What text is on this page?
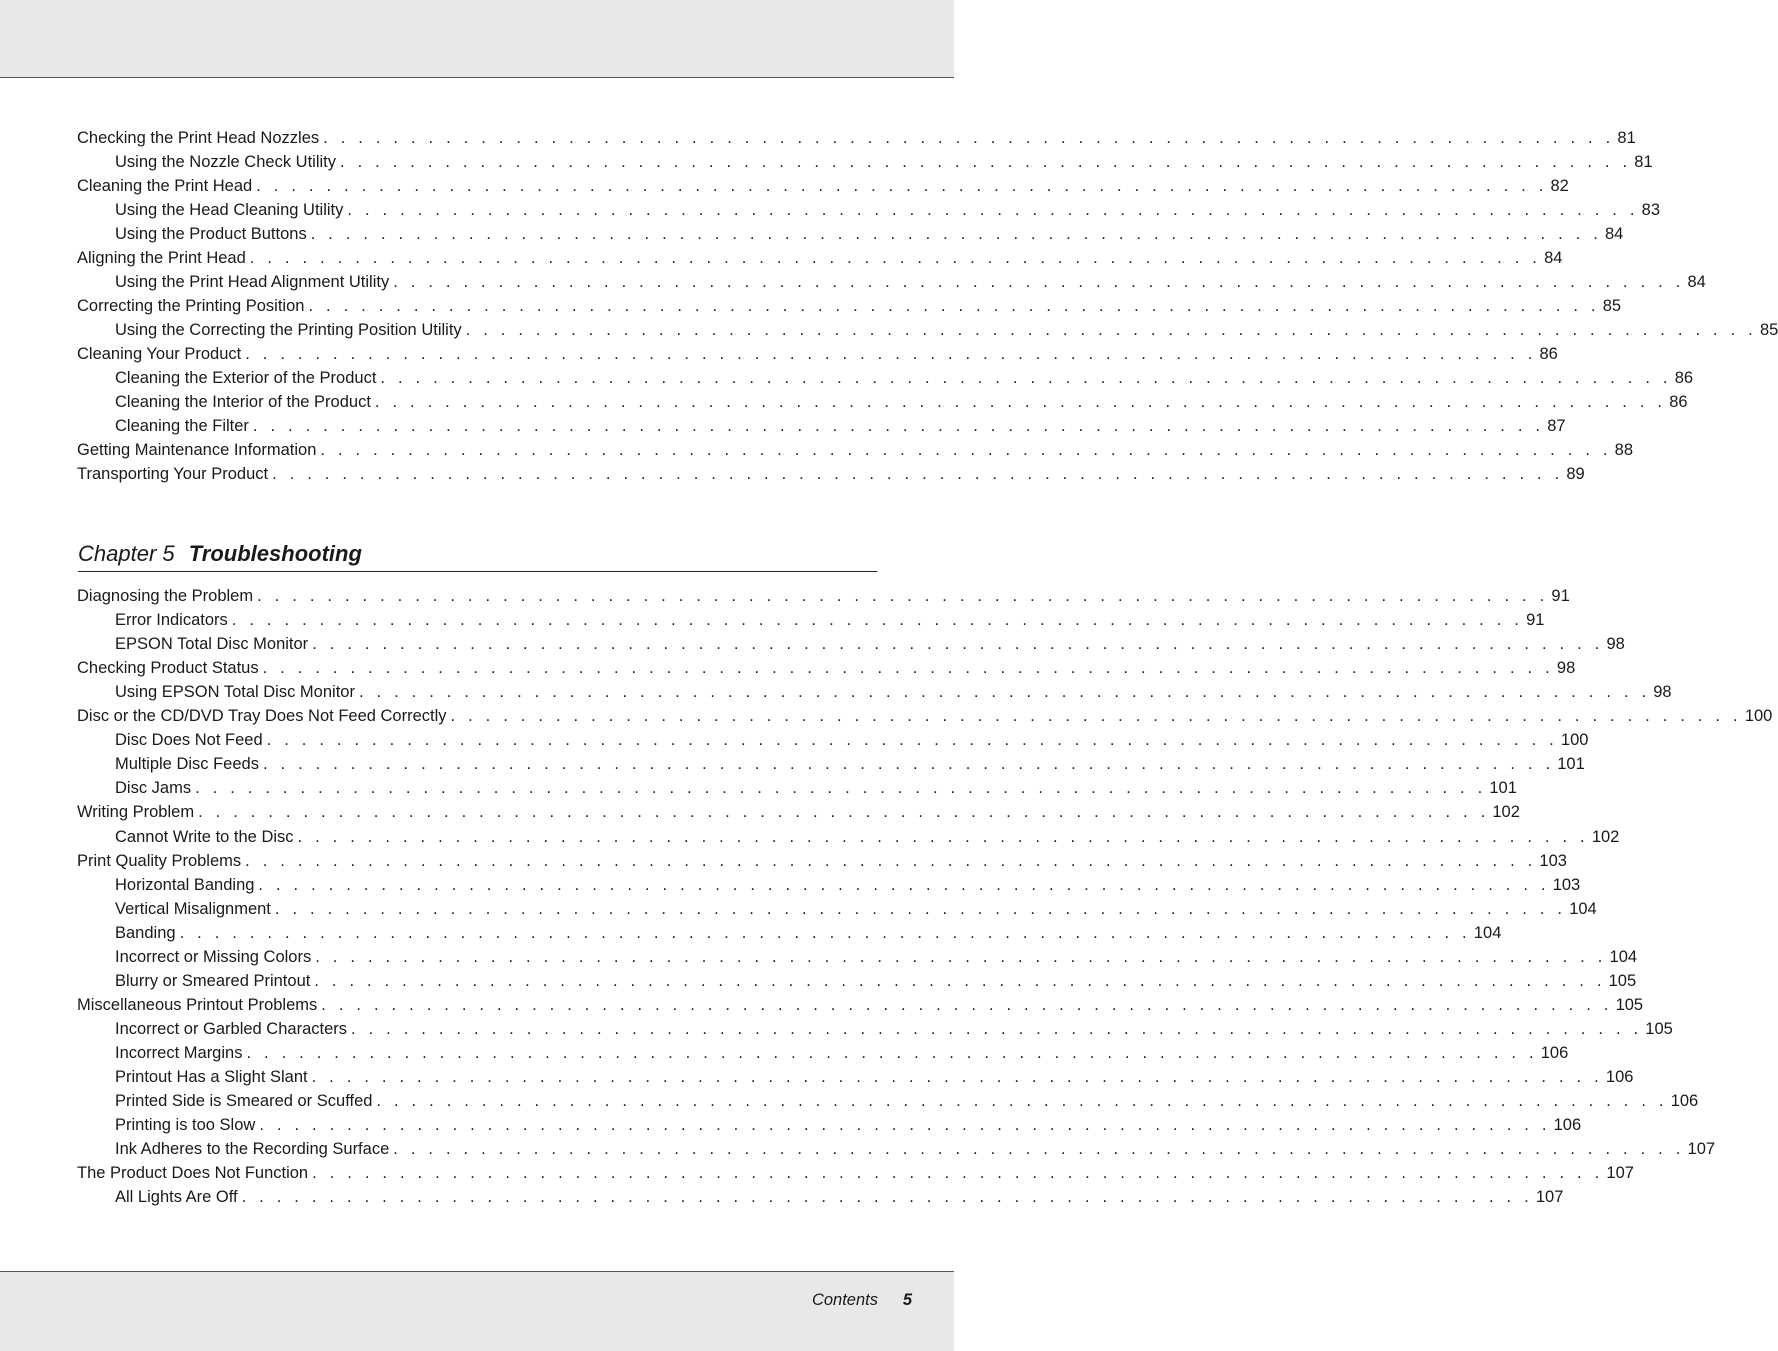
Checking the Print Head Nozzles . . . . . . . . . . . . . . . . . . . . . . . . . . . . . . . . . . . . . . . . . . . . . . . . . . . . . . . . . . . . . . . . . . . . . . . . . . 81
Using the Nozzle Check Utility . . . . . . . . . . . . . . . . . . . . . . . . . . . . . . . . . . . . . . . . . . . . . . . . . . . . . . . . . . . . . . . . . . . . . . . . . . 81
Cleaning the Print Head . . . . . . . . . . . . . . . . . . . . . . . . . . . . . . . . . . . . . . . . . . . . . . . . . . . . . . . . . . . . . . . . . . . . . . . . . . 82
Using the Head Cleaning Utility . . . . . . . . . . . . . . . . . . . . . . . . . . . . . . . . . . . . . . . . . . . . . . . . . . . . . . . . . . . . . . . . . . . . . . . . . . 83
Using the Product Buttons . . . . . . . . . . . . . . . . . . . . . . . . . . . . . . . . . . . . . . . . . . . . . . . . . . . . . . . . . . . . . . . . . . . . . . . . . . 84
Aligning the Print Head . . . . . . . . . . . . . . . . . . . . . . . . . . . . . . . . . . . . . . . . . . . . . . . . . . . . . . . . . . . . . . . . . . . . . . . . . . 84
Using the Print Head Alignment Utility . . . . . . . . . . . . . . . . . . . . . . . . . . . . . . . . . . . . . . . . . . . . . . . . . . . . . . . . . . . . . . . . . . . . . . . . . . 84
Correcting the Printing Position . . . . . . . . . . . . . . . . . . . . . . . . . . . . . . . . . . . . . . . . . . . . . . . . . . . . . . . . . . . . . . . . . . . . . . . . . . 85
Using the Correcting the Printing Position Utility . . . . . . . . . . . . . . . . . . . . . . . . . . . . . . . . . . . . . . . . . . . . . . . . . . . . . . . . . . . . . . . . . . . . . . . . . . 85
Cleaning Your Product . . . . . . . . . . . . . . . . . . . . . . . . . . . . . . . . . . . . . . . . . . . . . . . . . . . . . . . . . . . . . . . . . . . . . . . . . . 86
Cleaning the Exterior of the Product . . . . . . . . . . . . . . . . . . . . . . . . . . . . . . . . . . . . . . . . . . . . . . . . . . . . . . . . . . . . . . . . . . . . . . . . . . 86
Cleaning the Interior of the Product . . . . . . . . . . . . . . . . . . . . . . . . . . . . . . . . . . . . . . . . . . . . . . . . . . . . . . . . . . . . . . . . . . . . . . . . . . 86
Cleaning the Filter . . . . . . . . . . . . . . . . . . . . . . . . . . . . . . . . . . . . . . . . . . . . . . . . . . . . . . . . . . . . . . . . . . . . . . . . . . 87
Getting Maintenance Information . . . . . . . . . . . . . . . . . . . . . . . . . . . . . . . . . . . . . . . . . . . . . . . . . . . . . . . . . . . . . . . . . . . . . . . . . . 88
Transporting Your Product . . . . . . . . . . . . . . . . . . . . . . . . . . . . . . . . . . . . . . . . . . . . . . . . . . . . . . . . . . . . . . . . . . . . . . . . . . 89
Chapter 5 Troubleshooting
Diagnosing the Problem . . . . . . . . . . . . . . . . . . . . . . . . . . . . . . . . . . . . . . . . . . . . . . . . . . . . . . . . . . . . . . . . . . . . . . . . . . 91
Error Indicators . . . . . . . . . . . . . . . . . . . . . . . . . . . . . . . . . . . . . . . . . . . . . . . . . . . . . . . . . . . . . . . . . . . . . . . . . . 91
EPSON Total Disc Monitor . . . . . . . . . . . . . . . . . . . . . . . . . . . . . . . . . . . . . . . . . . . . . . . . . . . . . . . . . . . . . . . . . . . . . . . . . . 98
Checking Product Status . . . . . . . . . . . . . . . . . . . . . . . . . . . . . . . . . . . . . . . . . . . . . . . . . . . . . . . . . . . . . . . . . . . . . . . . . . 98
Using EPSON Total Disc Monitor . . . . . . . . . . . . . . . . . . . . . . . . . . . . . . . . . . . . . . . . . . . . . . . . . . . . . . . . . . . . . . . . . . . . . . . . . . 98
Disc or the CD/DVD Tray Does Not Feed Correctly . . . . . . . . . . . . . . . . . . . . . . . . . . . . . . . . . . . . . . . . . . . . . . . . . . . . . . . . . . . . . . . . . . . . . . . . . . 100
Disc Does Not Feed . . . . . . . . . . . . . . . . . . . . . . . . . . . . . . . . . . . . . . . . . . . . . . . . . . . . . . . . . . . . . . . . . . . . . . . . . . 100
Multiple Disc Feeds . . . . . . . . . . . . . . . . . . . . . . . . . . . . . . . . . . . . . . . . . . . . . . . . . . . . . . . . . . . . . . . . . . . . . . . . . . 101
Disc Jams . . . . . . . . . . . . . . . . . . . . . . . . . . . . . . . . . . . . . . . . . . . . . . . . . . . . . . . . . . . . . . . . . . . . . . . . . . 101
Writing Problem . . . . . . . . . . . . . . . . . . . . . . . . . . . . . . . . . . . . . . . . . . . . . . . . . . . . . . . . . . . . . . . . . . . . . . . . . . 102
Cannot Write to the Disc . . . . . . . . . . . . . . . . . . . . . . . . . . . . . . . . . . . . . . . . . . . . . . . . . . . . . . . . . . . . . . . . . . . . . . . . . . 102
Print Quality Problems . . . . . . . . . . . . . . . . . . . . . . . . . . . . . . . . . . . . . . . . . . . . . . . . . . . . . . . . . . . . . . . . . . . . . . . . . . 103
Horizontal Banding . . . . . . . . . . . . . . . . . . . . . . . . . . . . . . . . . . . . . . . . . . . . . . . . . . . . . . . . . . . . . . . . . . . . . . . . . . 103
Vertical Misalignment . . . . . . . . . . . . . . . . . . . . . . . . . . . . . . . . . . . . . . . . . . . . . . . . . . . . . . . . . . . . . . . . . . . . . . . . . . 104
Banding . . . . . . . . . . . . . . . . . . . . . . . . . . . . . . . . . . . . . . . . . . . . . . . . . . . . . . . . . . . . . . . . . . . . . . . . . . 104
Incorrect or Missing Colors . . . . . . . . . . . . . . . . . . . . . . . . . . . . . . . . . . . . . . . . . . . . . . . . . . . . . . . . . . . . . . . . . . . . . . . . . . 104
Blurry or Smeared Printout . . . . . . . . . . . . . . . . . . . . . . . . . . . . . . . . . . . . . . . . . . . . . . . . . . . . . . . . . . . . . . . . . . . . . . . . . . 105
Miscellaneous Printout Problems . . . . . . . . . . . . . . . . . . . . . . . . . . . . . . . . . . . . . . . . . . . . . . . . . . . . . . . . . . . . . . . . . . . . . . . . . . 105
Incorrect or Garbled Characters . . . . . . . . . . . . . . . . . . . . . . . . . . . . . . . . . . . . . . . . . . . . . . . . . . . . . . . . . . . . . . . . . . . . . . . . . . 105
Incorrect Margins . . . . . . . . . . . . . . . . . . . . . . . . . . . . . . . . . . . . . . . . . . . . . . . . . . . . . . . . . . . . . . . . . . . . . . . . . . 106
Printout Has a Slight Slant . . . . . . . . . . . . . . . . . . . . . . . . . . . . . . . . . . . . . . . . . . . . . . . . . . . . . . . . . . . . . . . . . . . . . . . . . . 106
Printed Side is Smeared or Scuffed . . . . . . . . . . . . . . . . . . . . . . . . . . . . . . . . . . . . . . . . . . . . . . . . . . . . . . . . . . . . . . . . . . . . . . . . . . 106
Printing is too Slow . . . . . . . . . . . . . . . . . . . . . . . . . . . . . . . . . . . . . . . . . . . . . . . . . . . . . . . . . . . . . . . . . . . . . . . . . . 106
Ink Adheres to the Recording Surface . . . . . . . . . . . . . . . . . . . . . . . . . . . . . . . . . . . . . . . . . . . . . . . . . . . . . . . . . . . . . . . . . . . . . . . . . . 107
The Product Does Not Function . . . . . . . . . . . . . . . . . . . . . . . . . . . . . . . . . . . . . . . . . . . . . . . . . . . . . . . . . . . . . . . . . . . . . . . . . . 107
All Lights Are Off . . . . . . . . . . . . . . . . . . . . . . . . . . . . . . . . . . . . . . . . . . . . . . . . . . . . . . . . . . . . . . . . . . . . . . . . . . 107
Contents 5
